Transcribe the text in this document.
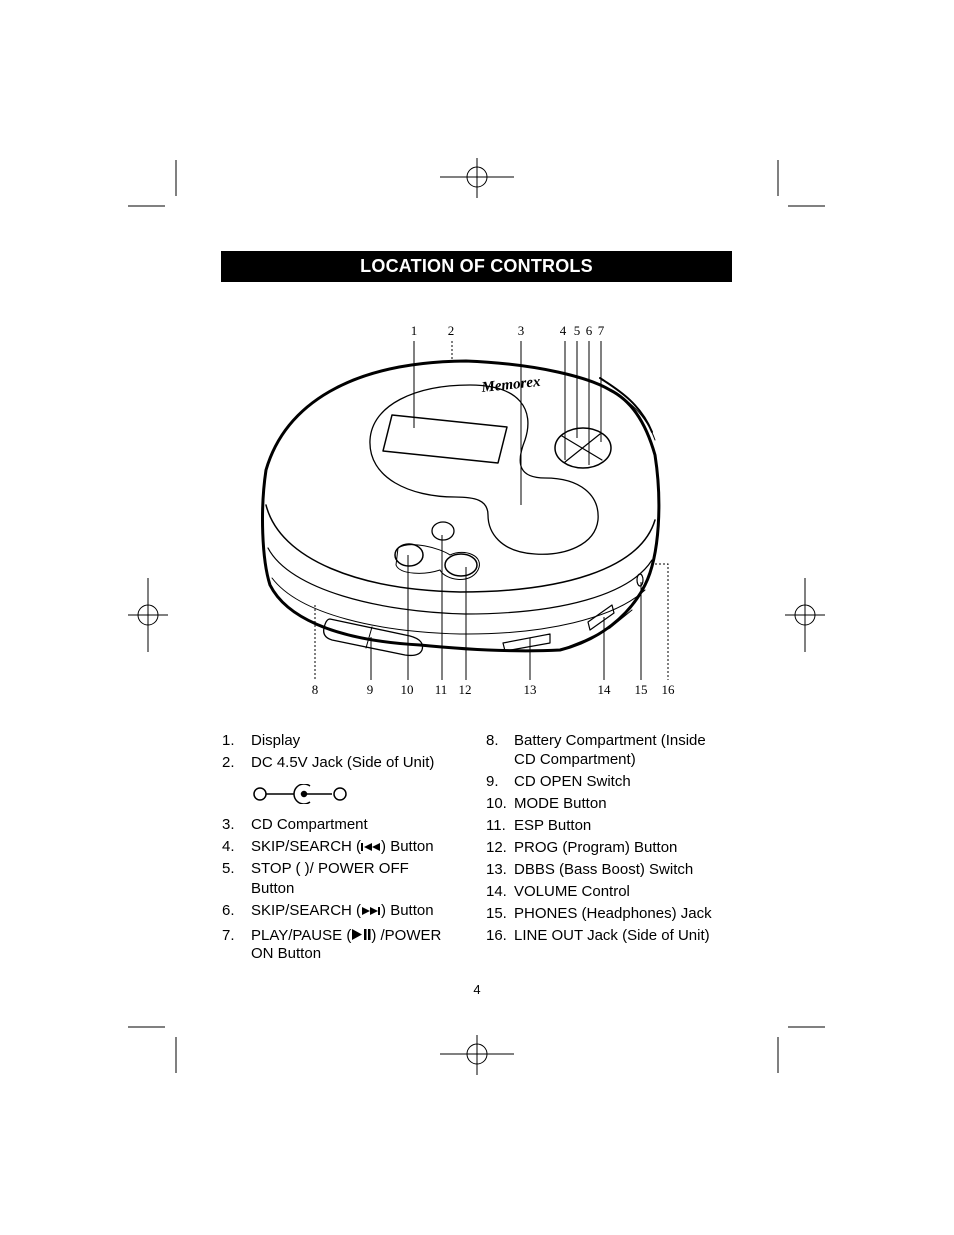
LOCATION OF CONTROLS
Memorex
1 2	3	4 5 6 7
8	9 10 11 12	13	14 15 16
1. Display
2. DC 4.5V Jack (Side of Unit)
3. CD Compartment
4. SKIP/SEARCH ( ) Button
5. STOP ( )/ POWER OFF
Button
6. SKIP/SEARCH ( ) Button
7. PLAY/PAUSE ( ) /POWER
ON Button
8. Battery Compartment (Inside
CD Compartment)
9. CD OPEN Switch
10. MODE Button
11. ESP Button
12. PROG (Program) Button
13. DBBS (Bass Boost) Switch
14. VOLUME Control
15. PHONES (Headphones) Jack
16. LINE OUT Jack (Side of Unit)
4
